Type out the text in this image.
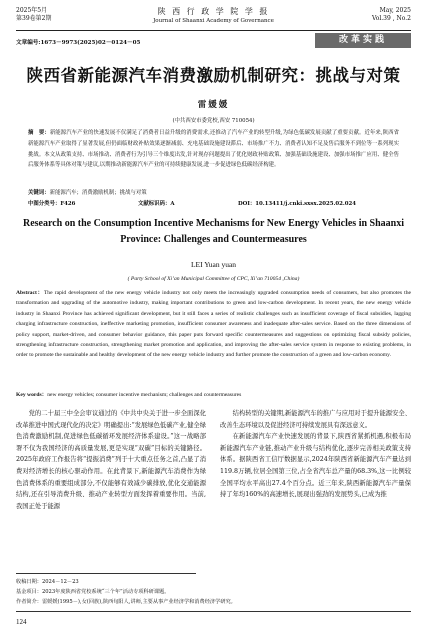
2025年5月
第39卷第2期
陕 西 行 政 学 院 学 报
Journal of Shaanxi Academy of Governance
May, 2025
Vol.39 , No.2
文章编号:1673－9973(2025)02－0124－05	改革实践
陕西省新能源汽车消费激励机制研究：挑战与对策
雷媛媛
(中共西安市委党校,西安 710054)
摘　要：新能源汽车产业的快速发展不仅满足了消费者日益升级的消费需求,还推动了汽车产业的转型升级,为绿色低碳发展贡献了重要贡献。近年来,陕西省新能源汽车产业取得了显著发展,但仍面临财政补贴效果逐渐减弱、充电基础设施建设滞后、市场推广不力、消费者认知不足及售后服务不到位等一系列现实挑战。本文从政策支持、市场推动、消费者行为引导三个维度出发,针对现存问题提出了优化财政补贴政策、加强基础设施建设、加强市场推广应用、健全售后服务体系等具体对策与建议,以期推动新能源汽车产业的可持续健康发展,进一步促进绿色低碳经济构建。
关键词：新能源汽车；消费激励机制；挑战与对策
中图分类号：F426	文献标识码：A	DOI：10.13411/j.cnki.sxsx.2025.02.024
Research on the Consumption Incentive Mechanisms for New Energy Vehicles in Shaanxi Province: Challenges and Countermeasures
LEI Yuan yuan
( Party School of Xi’an Municipal Committee of CPC, Xi’an 710054 ,China)
Abstract：The rapid development of the new energy vehicle industry not only meets the increasingly upgraded consumption needs of consumers, but also promotes the transformation and upgrading of the automotive industry, making important contributions to green and low-carbon development. In recent years, the new energy vehicle industry in Shaanxi Province has achieved significant development, but it still faces a series of realistic challenges such as insufficient coverage of fiscal subsidies, lagging charging infrastructure construction, ineffective marketing promotion, insufficient consumer awareness and inadequate after-sales service. Based on the three dimensions of policy support, market-driven, and consumer behavior guidance, this paper puts forward specific countermeasures and suggestions on optimizing fiscal subsidy policies, strengthening infrastructure construction, strengthening market promotion and application, and improving the after-sales service system in response to existing problems, in order to promote the sustainable and healthy development of the new energy vehicle industry and further promote the construction of a green and low-carbon economy.
Key words：new energy vehicles; consumer incentive mechanism; challenges and countermeasures
党的二十届三中全会审议通过的《中共中央关于进一步全面深化改革推进中国式现代化的决定》明确提出:“发展绿色低碳产业,健全绿色消费激励机制,促进绿色低碳循环发展经济体系建设。”这一战略部署不仅为我国经济的高质量发展,更是实现“双碳”目标的关键路径。2025年政府工作报告将“提振消费”列于十大重点任务之首,凸显了消费对经济增长的核心驱动作用。在此背景下,新能源汽车消费作为绿色消费体系的重要组成部分,不仅能够有效减少碳排放,优化交通能源结构,还在引导消费升级、推动产业转型方面发挥着重要作用。当前,我国正处于能源

结构转型的关键期,新能源汽车的推广与应用对于提升能源安全、改善生态环境以及促进经济可持续发展具有深远意义。

在新能源汽车产业快速发展的背景下,陕西省紧抓机遇,积极布局新能源汽车产业链,推动产业升级与结构优化,逐步完善相关政策支持体系。据陕西省工信厅数据显示,2024年陕西省新能源汽车产量达到119.8万辆,位居全国第三位,占全省汽车总产量的68.3%,这一比例较全国平均水平高出27.4个百分点。近三年来,陕西新能源汽车产量保持了年均160%的高速增长,展现出强劲的发展势头,已成为推

收稿日期：2024－12－23
基金项目：2023年度陕西省党校系统“三个年”活动专项科研课题。
作者简介：雷媛媛(1995－),女(回族),陕西旬阳人,讲师,主要从事产业经济学和消费经济学研究。
124
